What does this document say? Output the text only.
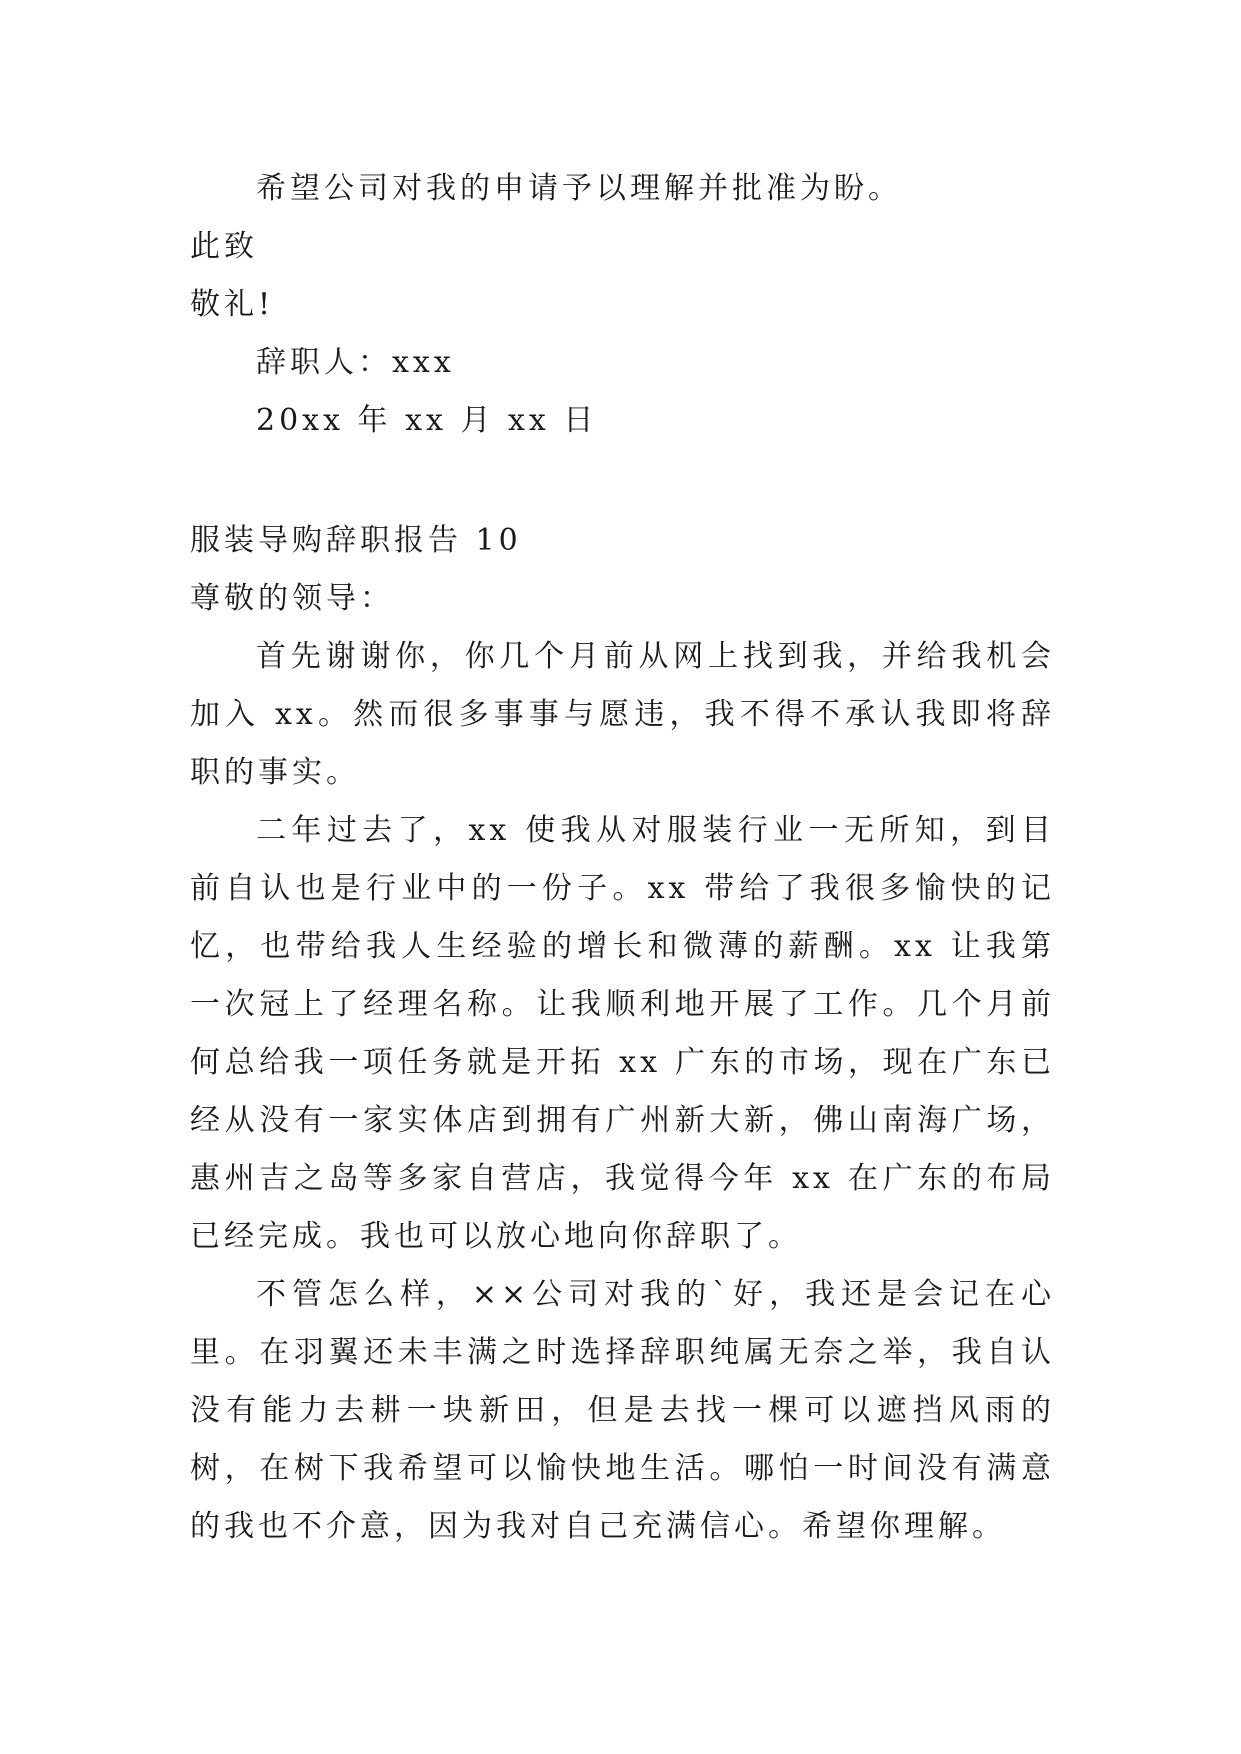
希望公司对我的申请予以理解并批准为盼。
此致
敬礼!
辞职人：xxx
20xx 年 xx 月 xx 日
服装导购辞职报告 10
尊敬的领导：

首先谢谢你，你几个月前从网上找到我，并给我机会加入 xx。然而很多事事与愿违，我不得不承认我即将辞职的事实。

二年过去了，xx 使我从对服装行业一无所知，到目前自认也是行业中的一份子。xx 带给了我很多愉快的记忆，也带给我人生经验的增长和微薄的薪酬。xx 让我第一次冠上了经理名称。让我顺利地开展了工作。几个月前何总给我一项任务就是开拓 xx 广东的市场，现在广东已经从没有一家实体店到拥有广州新大新，佛山南海广场，惠州吉之岛等多家自营店，我觉得今年 xx 在广东的布局已经完成。我也可以放心地向你辞职了。

不管怎么样，××公司对我的`好，我还是会记在心里。在羽翼还未丰满之时选择辞职纯属无奈之举，我自认没有能力去耕一块新田，但是去找一棵可以遮挡风雨的树，在树下我希望可以愉快地生活。哪怕一时间没有满意的我也不介意，因为我对自己充满信心。希望你理解。
